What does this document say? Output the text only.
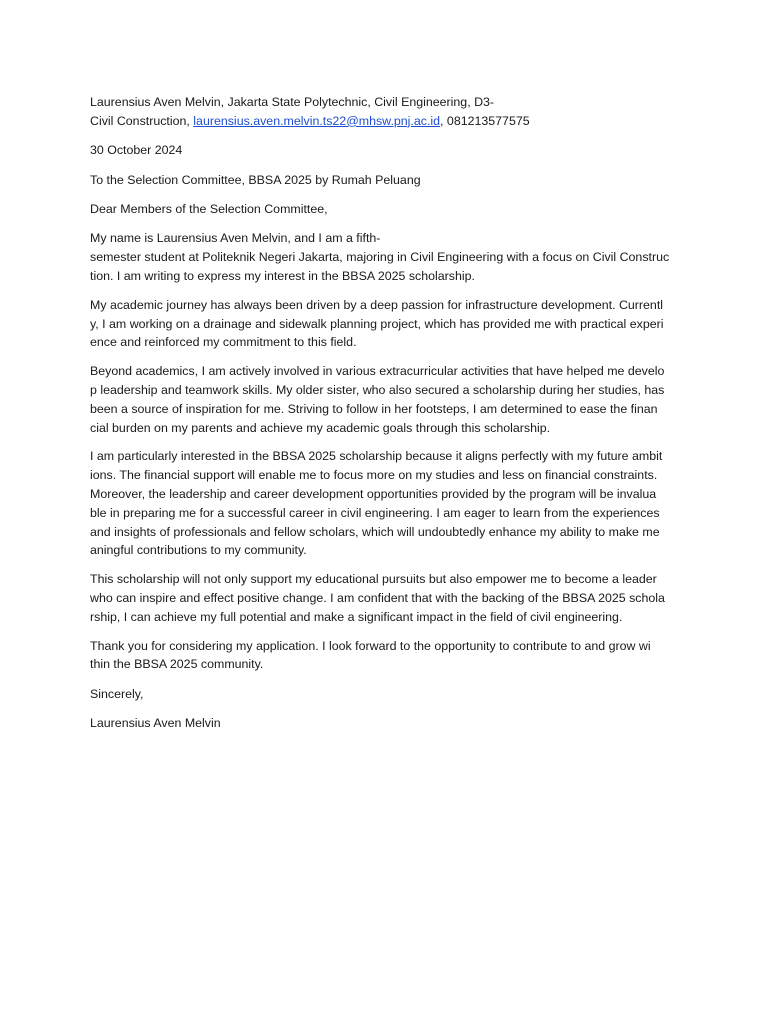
Laurensius Aven Melvin, Jakarta State Polytechnic, Civil Engineering, D3-
Civil Construction, laurensius.aven.melvin.ts22@mhsw.pnj.ac.id, 081213577575

30 October 2024

To the Selection Committee, BBSA 2025 by Rumah Peluang

Dear Members of the Selection Committee,

My name is Laurensius Aven Melvin, and I am a fifth-
semester student at Politeknik Negeri Jakarta, majoring in Civil Engineering with a focus on Civil Construc
tion. I am writing to express my interest in the BBSA 2025 scholarship.

My academic journey has always been driven by a deep passion for infrastructure development. Currentl
y, I am working on a drainage and sidewalk planning project, which has provided me with practical experi
ence and reinforced my commitment to this field.

Beyond academics, I am actively involved in various extracurricular activities that have helped me develo
p leadership and teamwork skills. My older sister, who also secured a scholarship during her studies, has
been a source of inspiration for me. Striving to follow in her footsteps, I am determined to ease the finan
cial burden on my parents and achieve my academic goals through this scholarship.

I am particularly interested in the BBSA 2025 scholarship because it aligns perfectly with my future ambit
ions. The financial support will enable me to focus more on my studies and less on financial constraints.
Moreover, the leadership and career development opportunities provided by the program will be invalua
ble in preparing me for a successful career in civil engineering. I am eager to learn from the experiences
and insights of professionals and fellow scholars, which will undoubtedly enhance my ability to make me
aningful contributions to my community.

This scholarship will not only support my educational pursuits but also empower me to become a leader
who can inspire and effect positive change. I am confident that with the backing of the BBSA 2025 schola
rship, I can achieve my full potential and make a significant impact in the field of civil engineering.

Thank you for considering my application. I look forward to the opportunity to contribute to and grow wi
thin the BBSA 2025 community.

Sincerely,

Laurensius Aven Melvin
